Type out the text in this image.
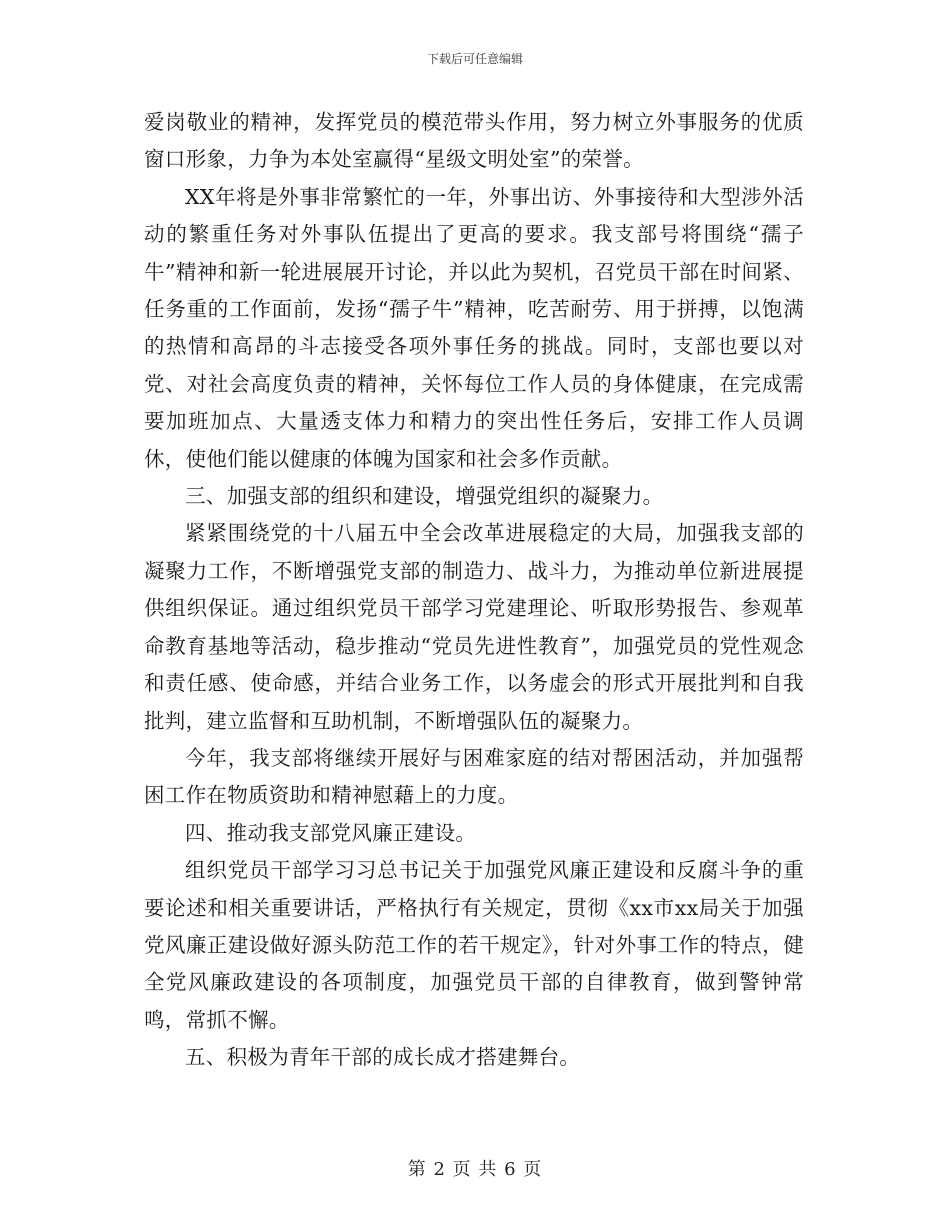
下载后可任意编辑

爱岗敬业的精神，发挥党员的模范带头作用，努力树立外事服务的优质窗口形象，力争为本处室赢得“星级文明处室”的荣誉。

XX年将是外事非常繁忙的一年，外事出访、外事接待和大型涉外活动的繁重任务对外事队伍提出了更高的要求。我支部号将围绕“孺子牛”精神和新一轮进展展开讨论，并以此为契机，召党员干部在时间紧、任务重的工作面前，发扬“孺子牛”精神，吃苦耐劳、用于拼搏，以饱满的热情和高昂的斗志接受各项外事任务的挑战。同时，支部也要以对党、对社会高度负责的精神，关怀每位工作人员的身体健康，在完成需要加班加点、大量透支体力和精力的突出性任务后，安排工作人员调休，使他们能以健康的体魄为国家和社会多作贡献。

三、加强支部的组织和建设，增强党组织的凝聚力。

紧紧围绕党的十八届五中全会改革进展稳定的大局，加强我支部的凝聚力工作，不断增强党支部的制造力、战斗力，为推动单位新进展提供组织保证。通过组织党员干部学习党建理论、听取形势报告、参观革命教育基地等活动，稳步推动“党员先进性教育”，加强党员的党性观念和责任感、使命感，并结合业务工作，以务虚会的形式开展批判和自我批判，建立监督和互助机制，不断增强队伍的凝聚力。

今年，我支部将继续开展好与困难家庭的结对帮困活动，并加强帮困工作在物质资助和精神慰藉上的力度。

四、推动我支部党风廉正建设。

组织党员干部学习习总书记关于加强党风廉正建设和反腐斗争的重要论述和相关重要讲话，严格执行有关规定，贯彻《xx市xx局关于加强党风廉正建设做好源头防范工作的若干规定》，针对外事工作的特点，健全党风廉政建设的各项制度，加强党员干部的自律教育，做到警钟常鸣，常抓不懈。

五、积极为青年干部的成长成才搭建舞台。

第 2 页 共 6 页
